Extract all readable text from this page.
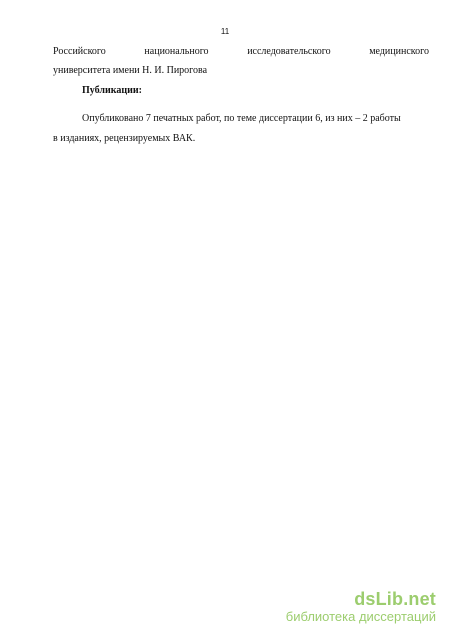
11
Российского	национального	исследовательского	медицинского
университета имени Н. И. Пирогова
Публикации:
Опубликовано 7 печатных работ, по теме диссертации 6, из них – 2 работы
в изданиях, рецензируемых ВАК.
dsLib.net
библиотека диссертаций
